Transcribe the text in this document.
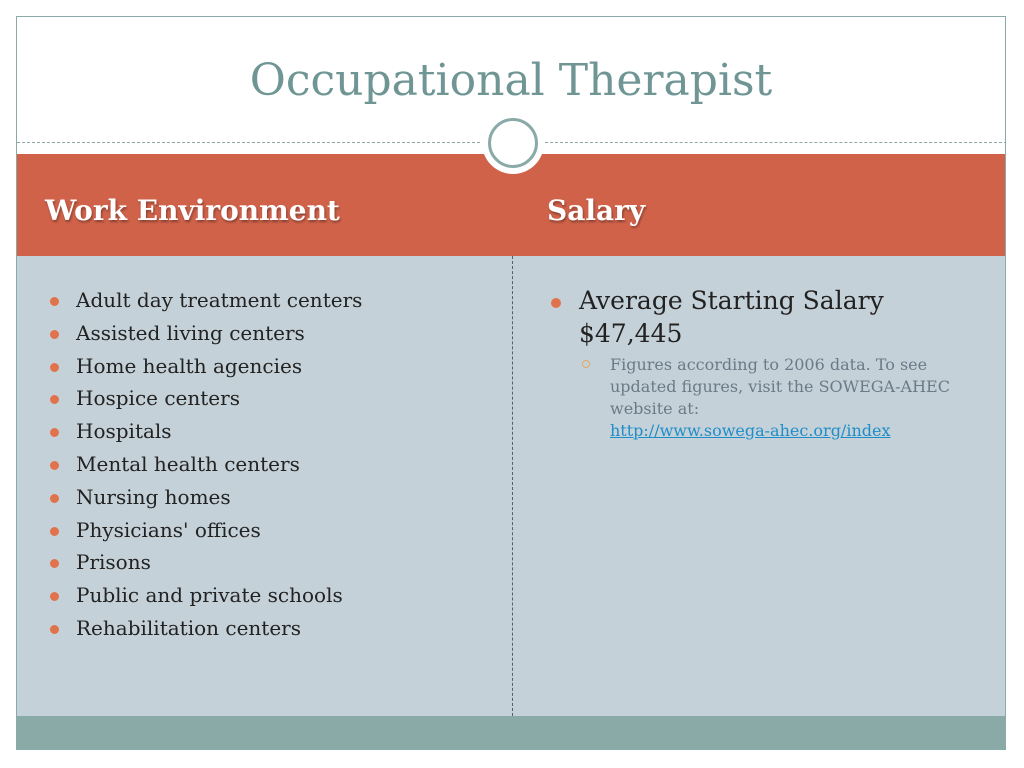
Occupational Therapist
Work Environment	Salary
Adult day treatment centers
Assisted living centers
Home health agencies
Hospice centers
Hospitals
Mental health centers
Nursing homes
Physicians' offices
Prisons
Public and private schools
Rehabilitation centers
Average Starting Salary
$47,445
Figures according to 2006 data. To see updated figures, visit the SOWEGA-AHEC website at:
http://www.sowega-ahec.org/index
